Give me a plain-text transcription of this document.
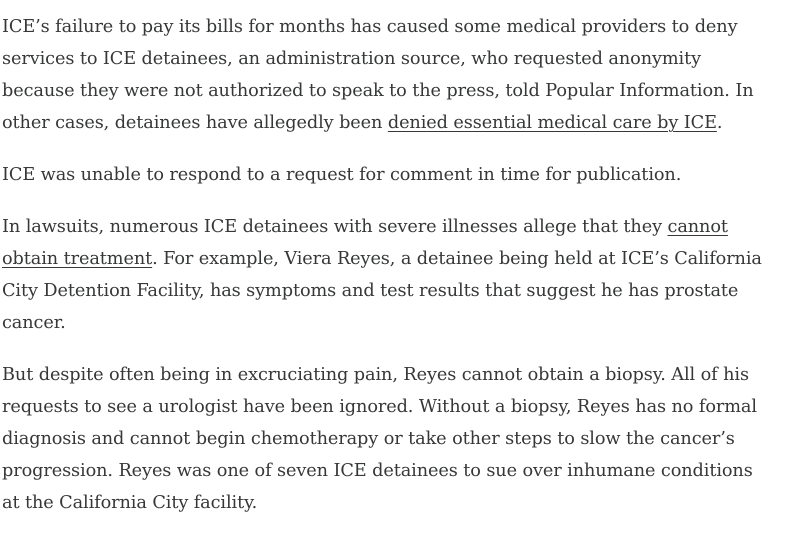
ICE’s failure to pay its bills for months has caused some medical providers to deny services to ICE detainees, an administration source, who requested anonymity because they were not authorized to speak to the press, told Popular Information. In other cases, detainees have allegedly been denied essential medical care by ICE.

ICE was unable to respond to a request for comment in time for publication.

In lawsuits, numerous ICE detainees with severe illnesses allege that they cannot obtain treatment. For example, Viera Reyes, a detainee being held at ICE’s California City Detention Facility, has symptoms and test results that suggest he has prostate cancer.

But despite often being in excruciating pain, Reyes cannot obtain a biopsy. All of his requests to see a urologist have been ignored. Without a biopsy, Reyes has no formal diagnosis and cannot begin chemotherapy or take other steps to slow the cancer’s progression. Reyes was one of seven ICE detainees to sue over inhumane conditions at the California City facility.
